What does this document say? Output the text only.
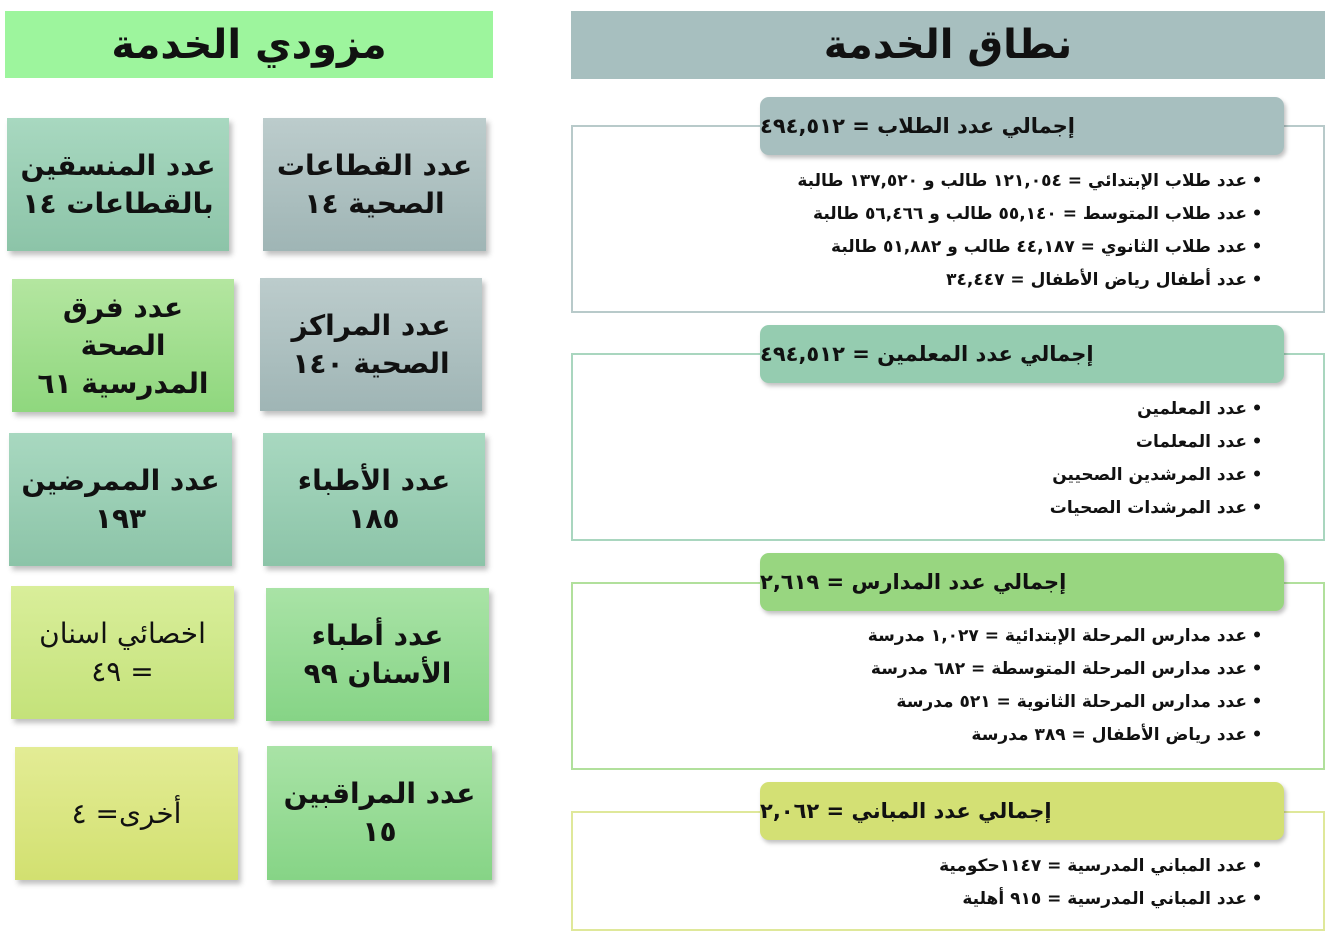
نطاق الخدمة
مزودي الخدمة
إجمالي عدد الطلاب = ٤٩٤,٥١٢
• عدد طلاب الإبتدائي = ١٢١,٠٥٤ طالب و ١٣٧,٥٢٠ طالبة
• عدد طلاب المتوسط = ٥٥,١٤٠ طالب و ٥٦,٤٦٦ طالبة
• عدد طلاب الثانوي = ٤٤,١٨٧ طالب و ٥١,٨٨٢ طالبة
• عدد أطفال رياض الأطفال = ٣٤,٤٤٧
إجمالي عدد المعلمين = ٤٩٤,٥١٢
• عدد المعلمين
• عدد المعلمات
• عدد المرشدين الصحيين
• عدد المرشدات الصحيات
إجمالي عدد المدارس = ٢,٦١٩
• عدد مدارس المرحلة الإبتدائية = ١,٠٢٧ مدرسة
• عدد مدارس المرحلة المتوسطة = ٦٨٢ مدرسة
• عدد مدارس المرحلة الثانوية = ٥٢١ مدرسة
• عدد رياض الأطفال = ٣٨٩ مدرسة
إجمالي عدد المباني = ٢,٠٦٢
• عدد المباني المدرسية = ١١٤٧حكومية
• عدد المباني المدرسية = ٩١٥ أهلية
عدد القطاعات
الصحية ١٤
عدد المراكز
الصحية ١٤٠
عدد الأطباء
١٨٥
عدد أطباء
الأسنان ٩٩
عدد المراقبين
١٥
عدد المنسقين
بالقطاعات ١٤
عدد فرق الصحة
المدرسية ٦١
عدد الممرضين
١٩٣
اخصائي اسنان
= ٤٩
أخرى= ٤
